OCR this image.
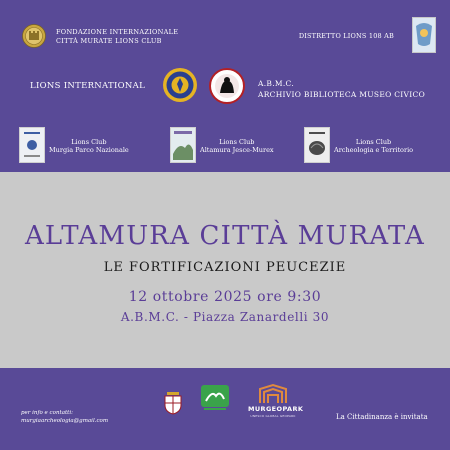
FONDAZIONE INTERNAZIONALE
CITTÀ MURATE LIONS CLUB
DISTRETTO LIONS 108 AB
LIONS INTERNATIONAL	A.B.M.C.
ARCHIVIO BIBLIOTECA MUSEO CIVICO
Lions Club
Murgia Parco Nazionale
Lions Club
Altamura Jesce-Murex
Lions Club
Archeologia e Territorio
ALTAMURA CITTÀ MURATA
LE FORTIFICAZIONI PEUCEZIE
12 ottobre 2025 ore 9:30
A.B.M.C. - Piazza Zanardelli 30
per info e contatti:
murgiaarcheologia@gmail.com
MURGEOPARK
UNESCO GLOBAL GEOPARK	La Cittadinanza è invitata
